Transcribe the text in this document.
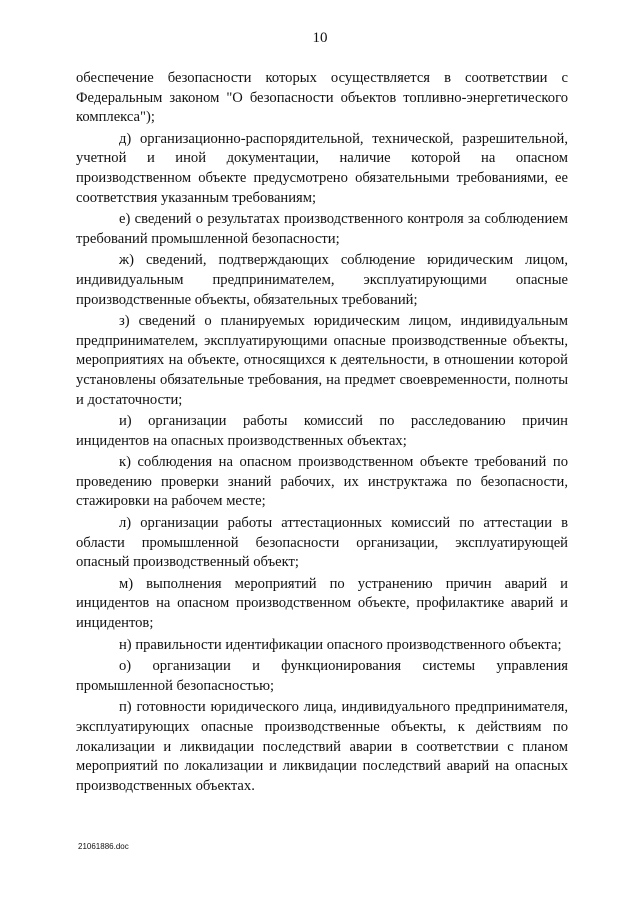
10

обеспечение безопасности которых осуществляется в соответствии с Федеральным законом "О безопасности объектов топливно-энергетического комплекса");

д) организационно-распорядительной, технической, разрешительной, учетной и иной документации, наличие которой на опасном производственном объекте предусмотрено обязательными требованиями, ее соответствия указанным требованиям;

е) сведений о результатах производственного контроля за соблюдением требований промышленной безопасности;

ж) сведений, подтверждающих соблюдение юридическим лицом, индивидуальным предпринимателем, эксплуатирующими опасные производственные объекты, обязательных требований;

з) сведений о планируемых юридическим лицом, индивидуальным предпринимателем, эксплуатирующими опасные производственные объекты, мероприятиях на объекте, относящихся к деятельности, в отношении которой установлены обязательные требования, на предмет своевременности, полноты и достаточности;

и) организации работы комиссий по расследованию причин инцидентов на опасных производственных объектах;

к) соблюдения на опасном производственном объекте требований по проведению проверки знаний рабочих, их инструктажа по безопасности, стажировки на рабочем месте;

л) организации работы аттестационных комиссий по аттестации в области промышленной безопасности организации, эксплуатирующей опасный производственный объект;

м) выполнения мероприятий по устранению причин аварий и инцидентов на опасном производственном объекте, профилактике аварий и инцидентов;

н) правильности идентификации опасного производственного объекта;

о) организации и функционирования системы управления промышленной безопасностью;

п) готовности юридического лица, индивидуального предпринимателя, эксплуатирующих опасные производственные объекты, к действиям по локализации и ликвидации последствий аварии в соответствии с планом мероприятий по локализации и ликвидации последствий аварий на опасных производственных объектах.

21061886.doc
